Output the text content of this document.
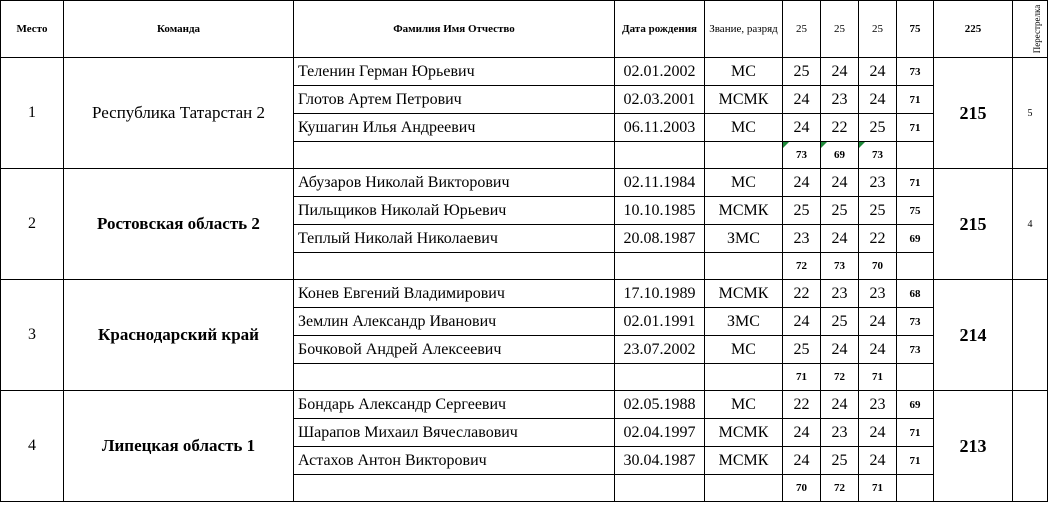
Место	Команда	Фамилия Имя Отчество	Дата рождения	Звание, разряд	25	25	25	75	225	Перестрелка
1	Республика Татарстан 2	Теленин Герман Юрьевич	02.01.2002	МС	25	24	24	73	215	5
		Глотов Артем Петрович	02.03.2001	МСМК	24	23	24	71		
		Кушагин Илья Андреевич	06.11.2003	МС	24	22	25	71		
					73	69	73			
2	Ростовская область 2	Абузаров Николай Викторович	02.11.1984	МС	24	24	23	71	215	4
		Пильщиков Николай Юрьевич	10.10.1985	МСМК	25	25	25	75		
		Теплый Николай Николаевич	20.08.1987	ЗМС	23	24	22	69		
					72	73	70			
3	Краснодарский край	Конев Евгений Владимирович	17.10.1989	МСМК	22	23	23	68	214	
		Землин Александр Иванович	02.01.1991	ЗМС	24	25	24	73		
		Бочковой Андрей Алексеевич	23.07.2002	МС	25	24	24	73		
					71	72	71			
4	Липецкая область 1	Бондарь Александр Сергеевич	02.05.1988	МС	22	24	23	69	213	
		Шарапов Михаил Вячеславович	02.04.1997	МСМК	24	23	24	71		
		Астахов Антон Викторович	30.04.1987	МСМК	24	25	24	71		
					70	72	71			
